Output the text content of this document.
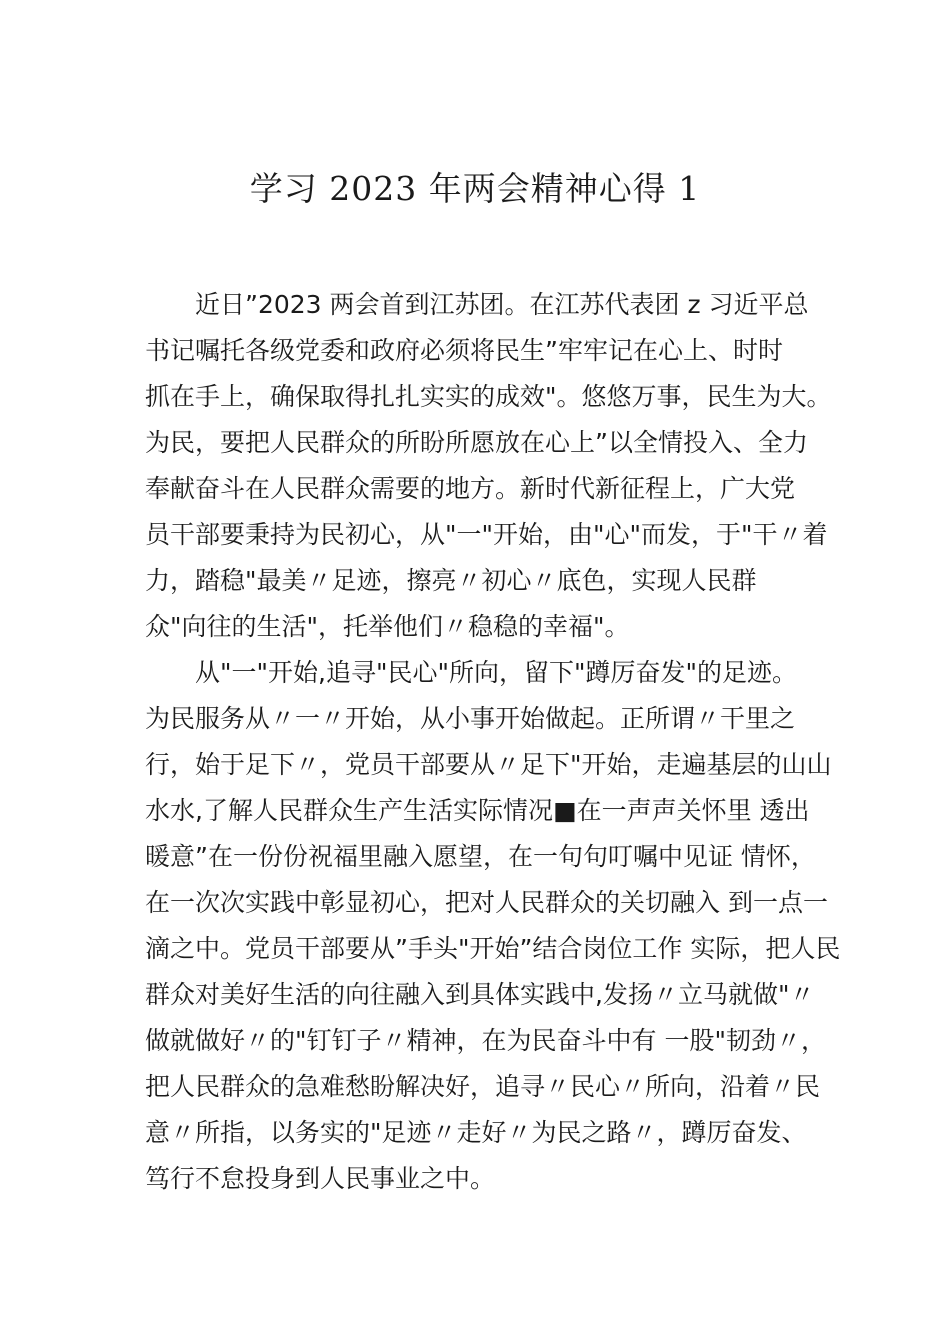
学习 2023 年两会精神心得 1
近日”2023 两会首到江苏团。在江苏代表团 z 习近平总
书记嘱托各级党委和政府必须将民生”牢牢记在心上、时时
抓在手上，确保取得扎扎实实的成效"。悠悠万事，民生为大。
为民，要把人民群众的所盼所愿放在心上”以全情投入、全力
奉献奋斗在人民群众需要的地方。新时代新征程上，广大党
员干部要秉持为民初心，从"一"开始，由"心"而发，于"干〃着
力，踏稳"最美〃足迹，擦亮〃初心〃底色，实现人民群
众"向往的生活"，托举他们〃稳稳的幸福"。
从"一"开始,追寻"民心"所向，留下"蹲厉奋发"的足迹。
为民服务从〃一〃开始，从小事开始做起。正所谓〃干里之
行，始于足下〃，党员干部要从〃足下"开始，走遍基层的山山
水水,了解人民群众生产生活实际情况■在一声声关怀里 透出
暖意”在一份份祝福里融入愿望，在一句句叮嘱中见证 情怀，
在一次次实践中彰显初心，把对人民群众的关切融入 到一点一
滴之中。党员干部要从”手头"开始”结合岗位工作 实际，把人民
群众对美好生活的向往融入到具体实践中,发扬〃立马就做"〃
做就做好〃的"钉钉子〃精神，在为民奋斗中有 一股"韧劲〃，
把人民群众的急难愁盼解决好，追寻〃民心〃所向，沿着〃民
意〃所指，以务实的"足迹〃走好〃为民之路〃，蹲厉奋发、
笃行不怠投身到人民事业之中。
